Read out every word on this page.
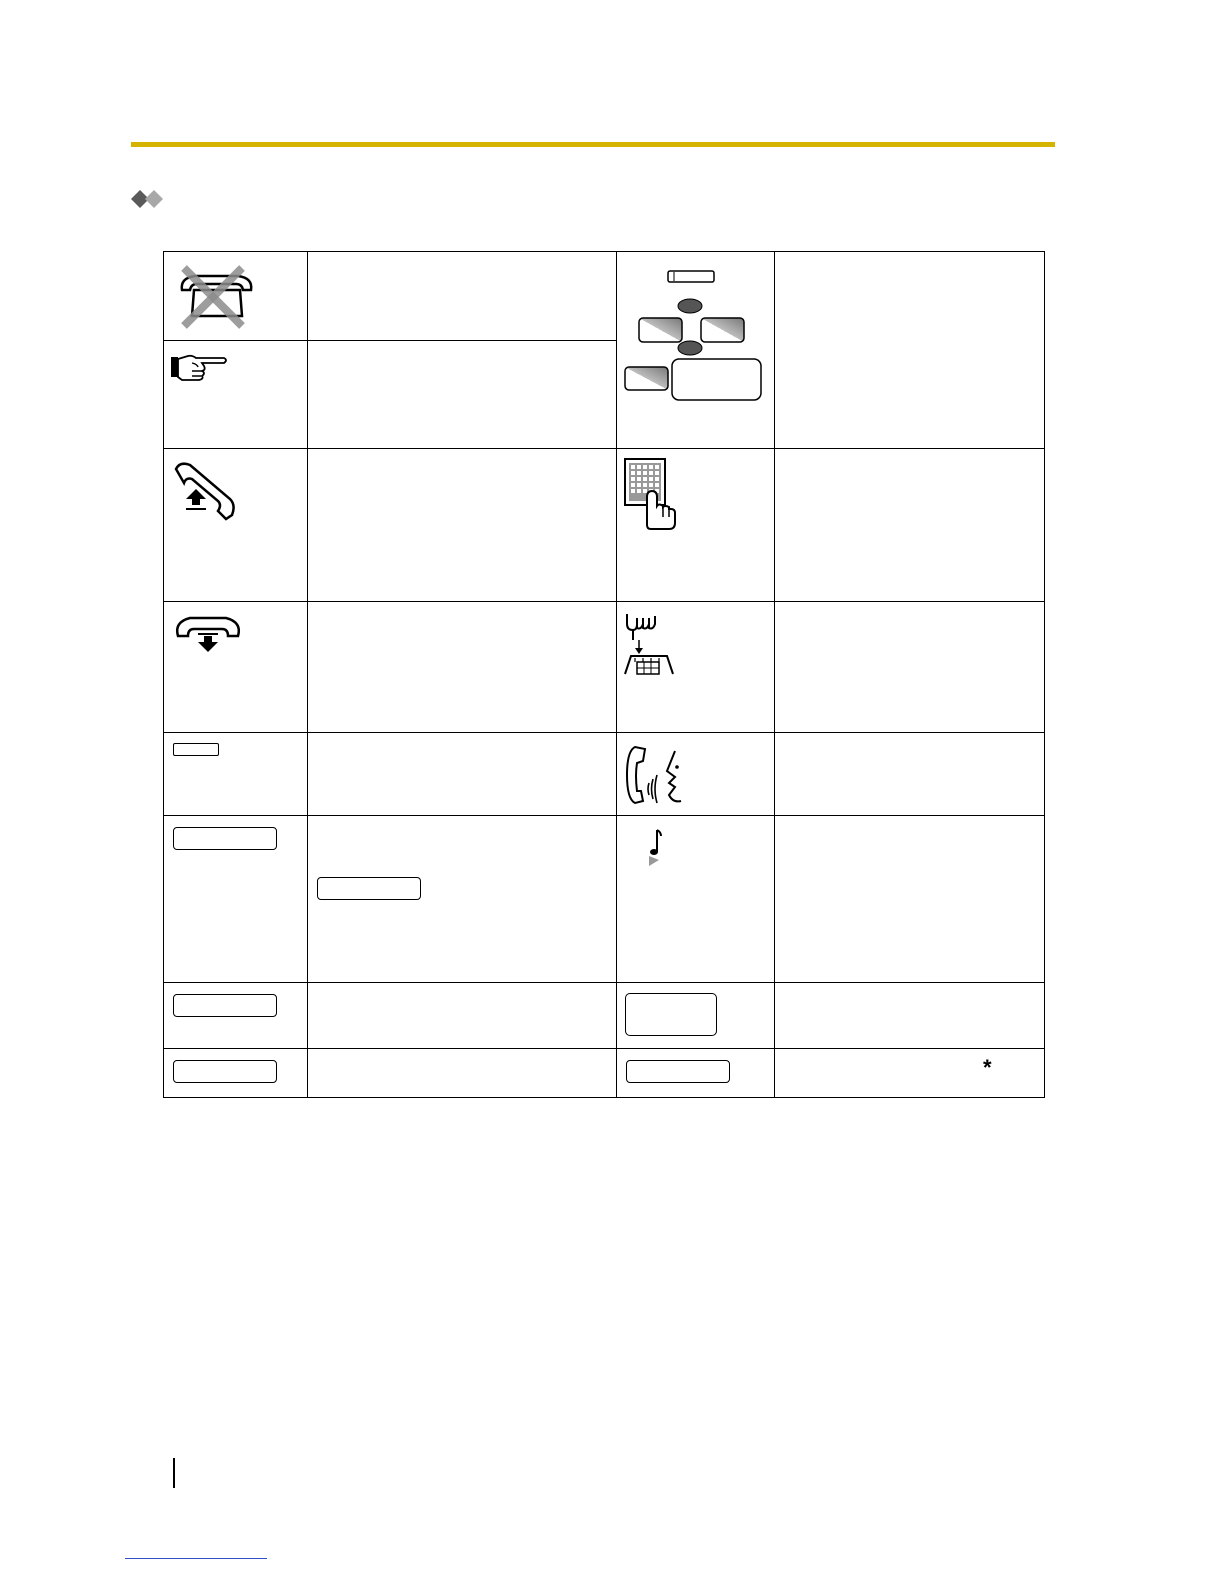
			*
